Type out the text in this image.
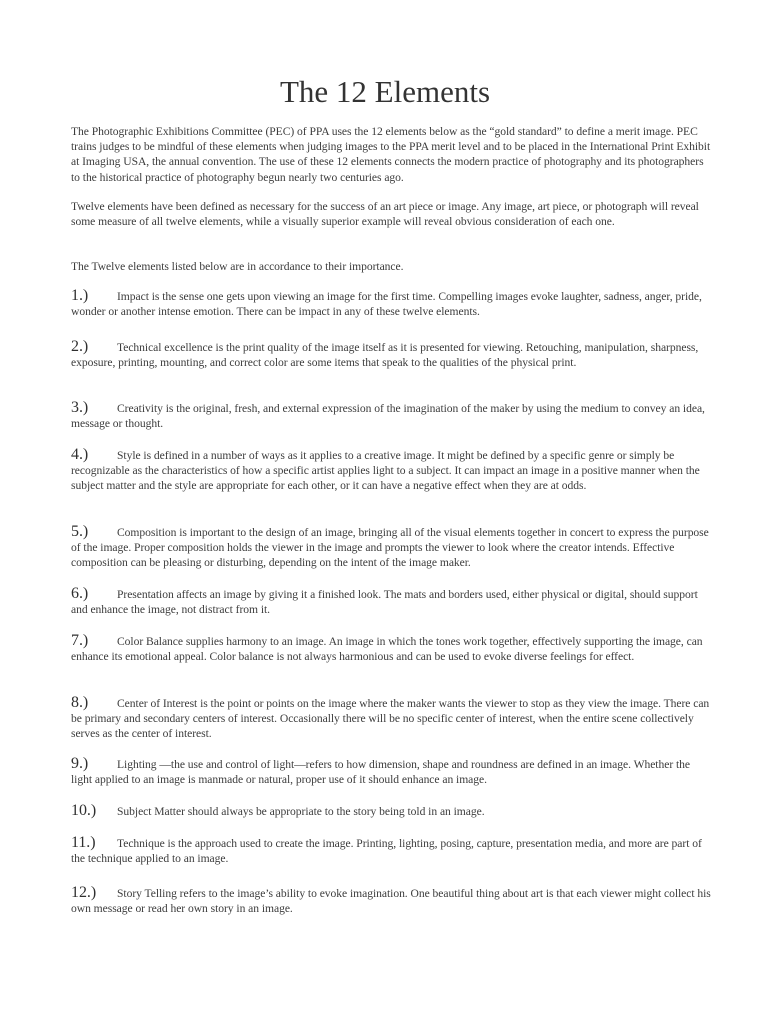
The 12 Elements

The Photographic Exhibitions Committee (PEC) of PPA uses the 12 elements below as the “gold standard” to define a merit image. PEC trains judges to be mindful of these elements when judging images to the PPA merit level and to be placed in the International Print Exhibit at Imaging USA, the annual convention. The use of these 12 elements connects the modern practice of photography and its photographers to the historical practice of photography begun nearly two centuries ago.

Twelve elements have been defined as necessary for the success of an art piece or image. Any image, art piece, or photograph will reveal some measure of all twelve elements, while a visually superior example will reveal obvious consideration of each one.

The Twelve elements listed below are in accordance to their importance.

1.) Impact is the sense one gets upon viewing an image for the first time. Compelling images evoke laughter, sadness, anger, pride, wonder or another intense emotion. There can be impact in any of these twelve elements.

2.) Technical excellence is the print quality of the image itself as it is presented for viewing. Retouching, manipulation, sharpness, exposure, printing, mounting, and correct color are some items that speak to the qualities of the physical print.

3.) Creativity is the original, fresh, and external expression of the imagination of the maker by using the medium to convey an idea, message or thought.

4.) Style is defined in a number of ways as it applies to a creative image. It might be defined by a specific genre or simply be recognizable as the characteristics of how a specific artist applies light to a subject. It can impact an image in a positive manner when the subject matter and the style are appropriate for each other, or it can have a negative effect when they are at odds.

5.) Composition is important to the design of an image, bringing all of the visual elements together in concert to express the purpose of the image. Proper composition holds the viewer in the image and prompts the viewer to look where the creator intends. Effective composition can be pleasing or disturbing, depending on the intent of the image maker.

6.) Presentation affects an image by giving it a finished look. The mats and borders used, either physical or digital, should support and enhance the image, not distract from it.

7.) Color Balance supplies harmony to an image. An image in which the tones work together, effectively supporting the image, can enhance its emotional appeal. Color balance is not always harmonious and can be used to evoke diverse feelings for effect.

8.) Center of Interest is the point or points on the image where the maker wants the viewer to stop as they view the image. There can be primary and secondary centers of interest. Occasionally there will be no specific center of interest, when the entire scene collectively serves as the center of interest.

9.) Lighting —the use and control of light—refers to how dimension, shape and roundness are defined in an image. Whether the light applied to an image is manmade or natural, proper use of it should enhance an image.

10.) Subject Matter should always be appropriate to the story being told in an image.

11.) Technique is the approach used to create the image. Printing, lighting, posing, capture, presentation media, and more are part of the technique applied to an image.

12.) Story Telling refers to the image’s ability to evoke imagination. One beautiful thing about art is that each viewer might collect his own message or read her own story in an image.
